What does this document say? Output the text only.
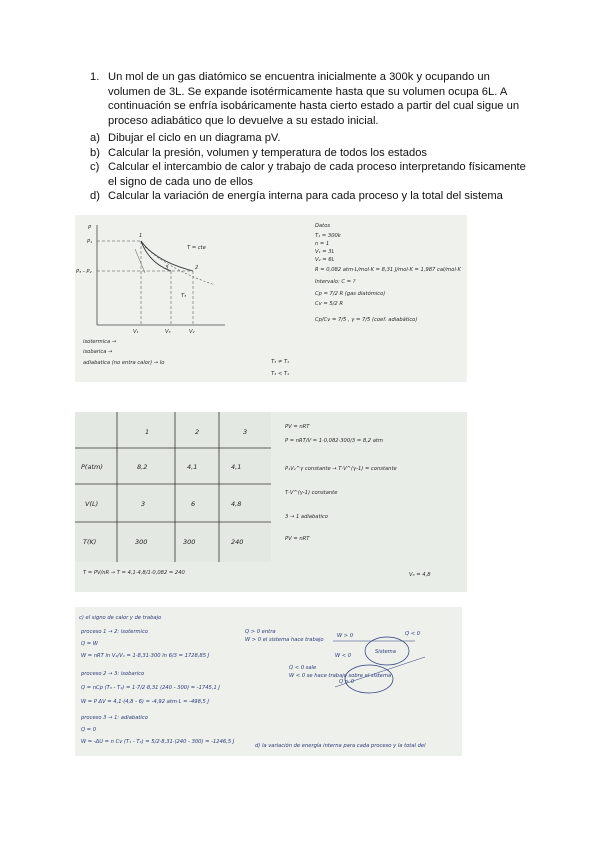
1. Un mol de un gas diatómico se encuentra inicialmente a 300k y ocupando un
volumen de 3L. Se expande isotérmicamente hasta que su volumen ocupa 6L. A
continuación se enfría isobáricamente hasta cierto estado a partir del cual sigue un
proceso adiabático que lo devuelve a su estado inicial.
a) Dibujar el ciclo en un diagrama pV.
b) Calcular la presión, volumen y temperatura de todos los estados
c) Calcular el intercambio de calor y trabajo de cada proceso interpretando físicamente
el signo de cada uno de ellos
d) Calcular la variación de energía interna para cada proceso y la total del sistema
P
P₁
P₃ - P₂
T = cte
1
2
3
T₃
V₁	V₃	V₂
isotermica →
isobarica →
adiabatica (no entra calor) → lo
Datos
T₁ = 300k
n = 1
V₁ = 3L
V₂ = 6L
R = 0,082 atm·L/mol·K = 8,31 J/mol·K = 1,987 cal/mol·K
Intervalo: C = ?
Cp = 7/2 R (gas diatómico)
Cv = 5/2 R
Cp/Cv = 7/5 , γ = 7/5 (coef. adiabático)
T₃ ≠ T₁
T₃ < T₁
1	2	3
P(atm)	8,2	4,1	4,1
V(L)	3	6	4,8
T(K)	300	300	240
PV = nRT
P = nRT/V = 1·0,082·300/3 = 8,2 atm
P₁V₁^γ constante → T·V^(γ-1) = constante
T·V^(γ-1) constante
3 → 1 adiabatico
PV = nRT
T = PV/nR → T = 4,1·4,8/1·0,082 = 240	V₃ = 4,8
c) el signo de calor y de trabajo
proceso 1 → 2: isotermico
Q = W
W = nRT ln V₂/V₁ = 1·8,31·300 ln 6/3 = 1728,85 J
proceso 2 → 3: isobarico
Q = nCp (T₃ - T₂) = 1·7/2·8,31 (240 - 300) = -1745,1 J
W = P ΔV = 4,1·(4,8 - 6) = -4,92 atm·L = -498,5 J
proceso 3 → 1: adiabatico
Q = 0
W = -ΔU = n Cv (T₁ - T₃) = 5/2·8,31·(240 - 300) = -1246,5 J
Q > 0 entra
W > 0 el sistema hace trabajo
Q < 0 sale
W < 0 se hace trabajo sobre el sistema
W > 0	Q < 0
W < 0
Q > 0
Sistema
d) la variación de energía interna para cada proceso y la total del
